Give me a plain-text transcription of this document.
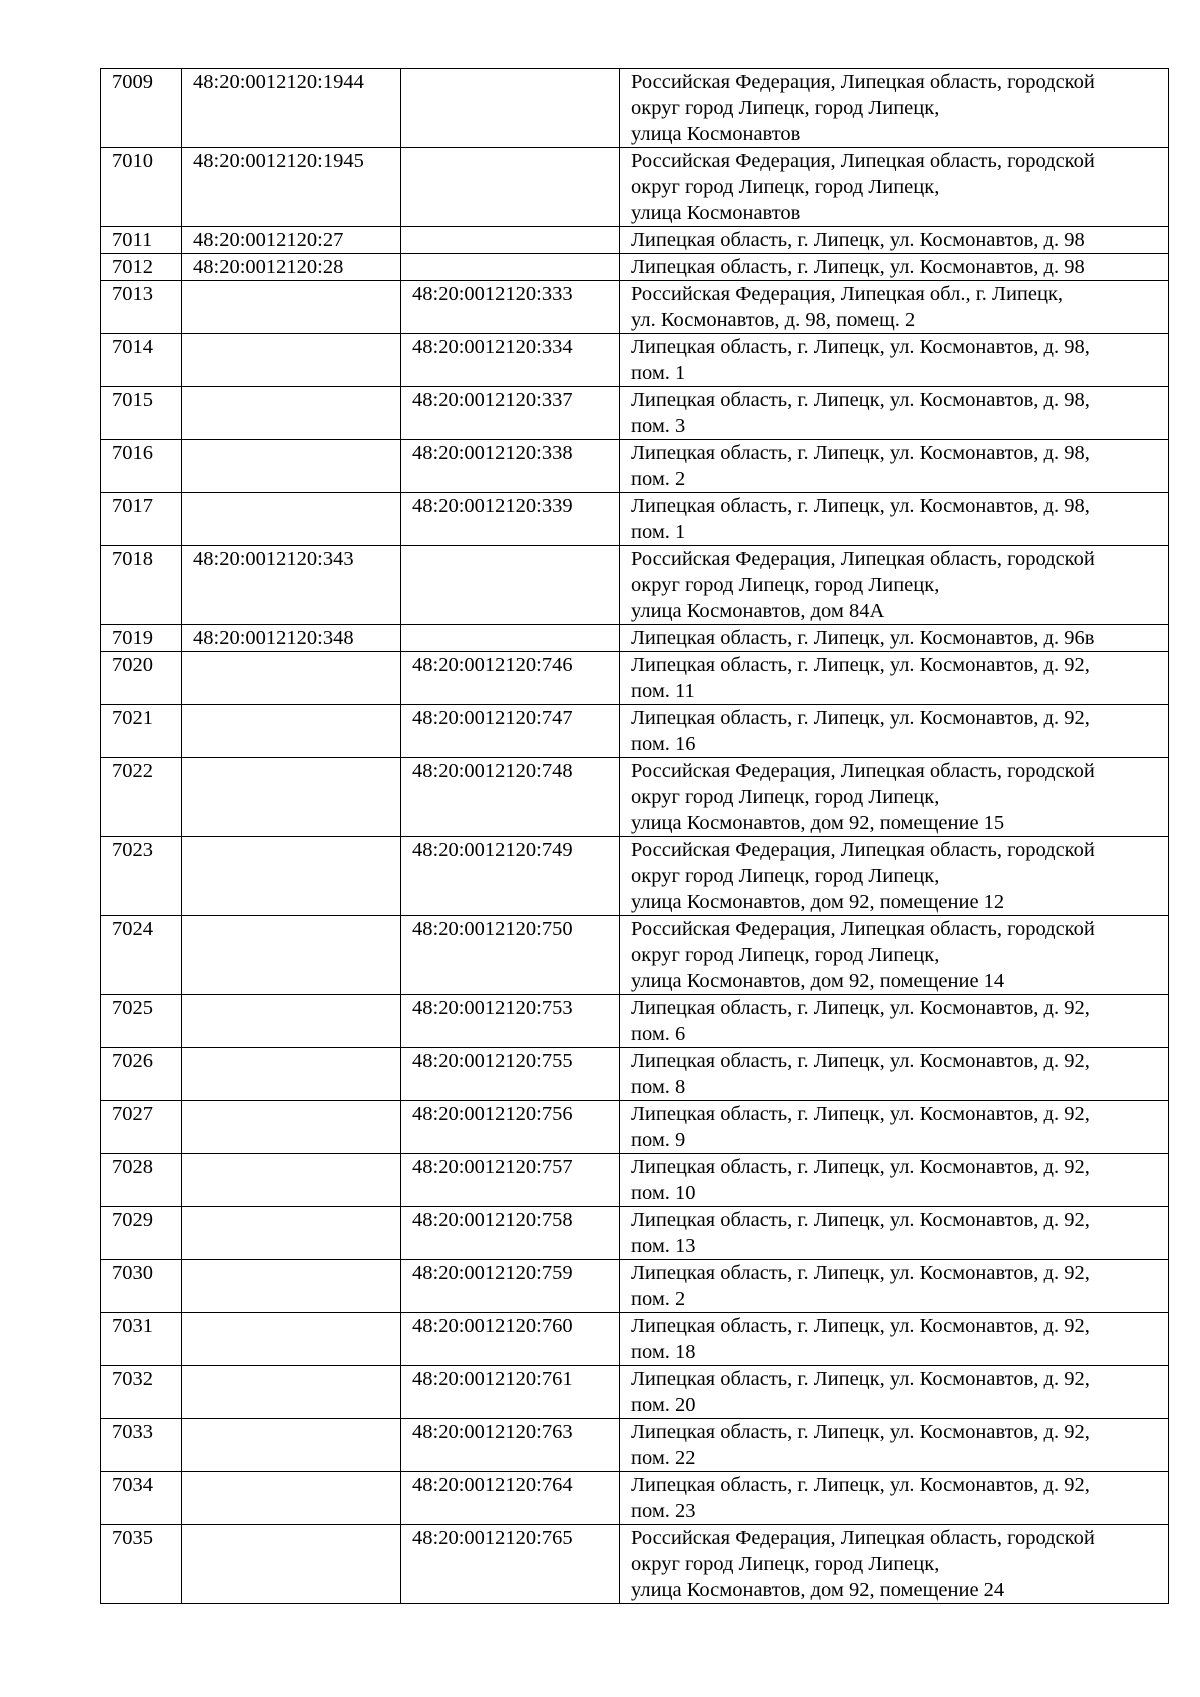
7009	48:20:0012120:1944		Российская Федерация, Липецкая область, городской
округ город Липецк, город Липецк,
улица Космонавтов
7010	48:20:0012120:1945		Российская Федерация, Липецкая область, городской
округ город Липецк, город Липецк,
улица Космонавтов
7011	48:20:0012120:27		Липецкая область, г. Липецк, ул. Космонавтов, д. 98
7012	48:20:0012120:28		Липецкая область, г. Липецк, ул. Космонавтов, д. 98
7013		48:20:0012120:333	Российская Федерация, Липецкая обл., г. Липецк,
ул. Космонавтов, д. 98, помещ. 2
7014		48:20:0012120:334	Липецкая область, г. Липецк, ул. Космонавтов, д. 98,
пом. 1
7015		48:20:0012120:337	Липецкая область, г. Липецк, ул. Космонавтов, д. 98,
пом. 3
7016		48:20:0012120:338	Липецкая область, г. Липецк, ул. Космонавтов, д. 98,
пом. 2
7017		48:20:0012120:339	Липецкая область, г. Липецк, ул. Космонавтов, д. 98,
пом. 1
7018	48:20:0012120:343		Российская Федерация, Липецкая область, городской
округ город Липецк, город Липецк,
улица Космонавтов, дом 84А
7019	48:20:0012120:348		Липецкая область, г. Липецк, ул. Космонавтов, д. 96в
7020		48:20:0012120:746	Липецкая область, г. Липецк, ул. Космонавтов, д. 92,
пом. 11
7021		48:20:0012120:747	Липецкая область, г. Липецк, ул. Космонавтов, д. 92,
пом. 16
7022		48:20:0012120:748	Российская Федерация, Липецкая область, городской
округ город Липецк, город Липецк,
улица Космонавтов, дом 92, помещение 15
7023		48:20:0012120:749	Российская Федерация, Липецкая область, городской
округ город Липецк, город Липецк,
улица Космонавтов, дом 92, помещение 12
7024		48:20:0012120:750	Российская Федерация, Липецкая область, городской
округ город Липецк, город Липецк,
улица Космонавтов, дом 92, помещение 14
7025		48:20:0012120:753	Липецкая область, г. Липецк, ул. Космонавтов, д. 92,
пом. 6
7026		48:20:0012120:755	Липецкая область, г. Липецк, ул. Космонавтов, д. 92,
пом. 8
7027		48:20:0012120:756	Липецкая область, г. Липецк, ул. Космонавтов, д. 92,
пом. 9
7028		48:20:0012120:757	Липецкая область, г. Липецк, ул. Космонавтов, д. 92,
пом. 10
7029		48:20:0012120:758	Липецкая область, г. Липецк, ул. Космонавтов, д. 92,
пом. 13
7030		48:20:0012120:759	Липецкая область, г. Липецк, ул. Космонавтов, д. 92,
пом. 2
7031		48:20:0012120:760	Липецкая область, г. Липецк, ул. Космонавтов, д. 92,
пом. 18
7032		48:20:0012120:761	Липецкая область, г. Липецк, ул. Космонавтов, д. 92,
пом. 20
7033		48:20:0012120:763	Липецкая область, г. Липецк, ул. Космонавтов, д. 92,
пом. 22
7034		48:20:0012120:764	Липецкая область, г. Липецк, ул. Космонавтов, д. 92,
пом. 23
7035		48:20:0012120:765	Российская Федерация, Липецкая область, городской
округ город Липецк, город Липецк,
улица Космонавтов, дом 92, помещение 24
